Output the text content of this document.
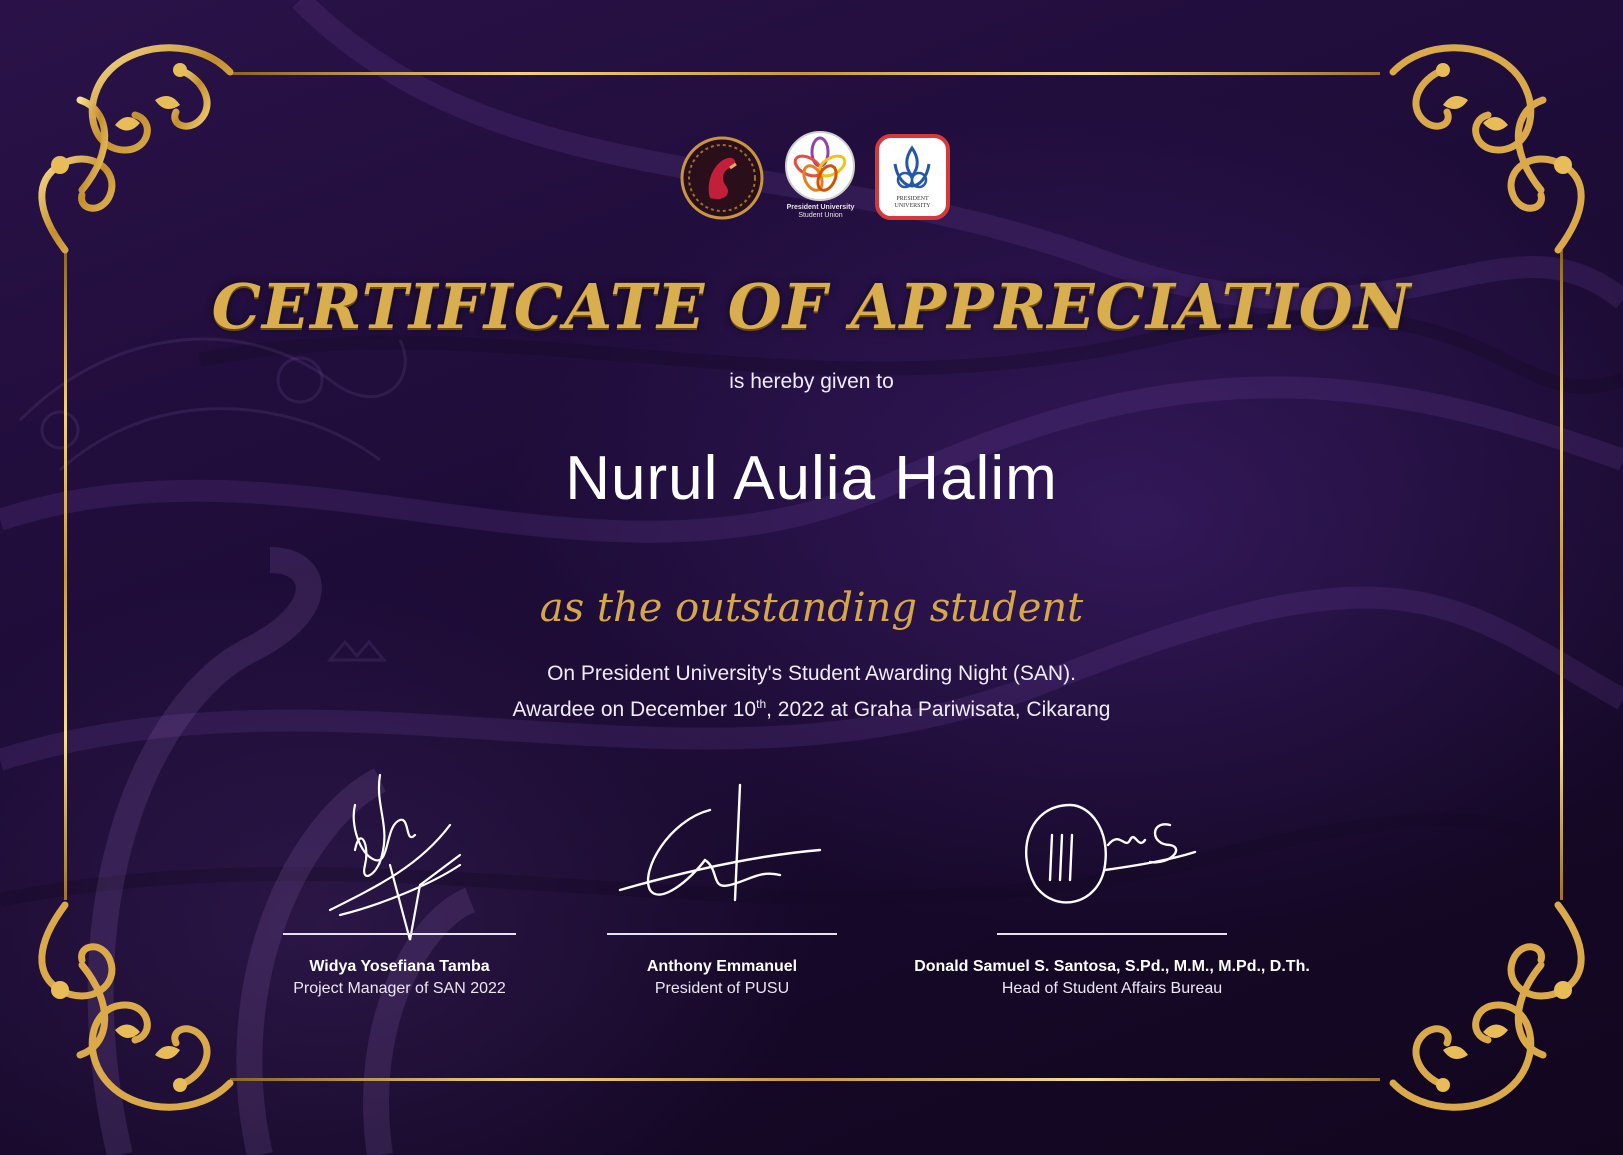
President University
Student Union
PRESIDENT
UNIVERSITY
CERTIFICATE OF APPRECIATION
is hereby given to
Nurul Aulia Halim
as the outstanding student
On President University's Student Awarding Night (SAN).
Awardee on December 10th, 2022 at Graha Pariwisata, Cikarang
Widya Yosefiana Tamba
Project Manager of SAN 2022
Anthony Emmanuel
President of PUSU
Donald Samuel S. Santosa, S.Pd., M.M., M.Pd., D.Th.
Head of Student Affairs Bureau
